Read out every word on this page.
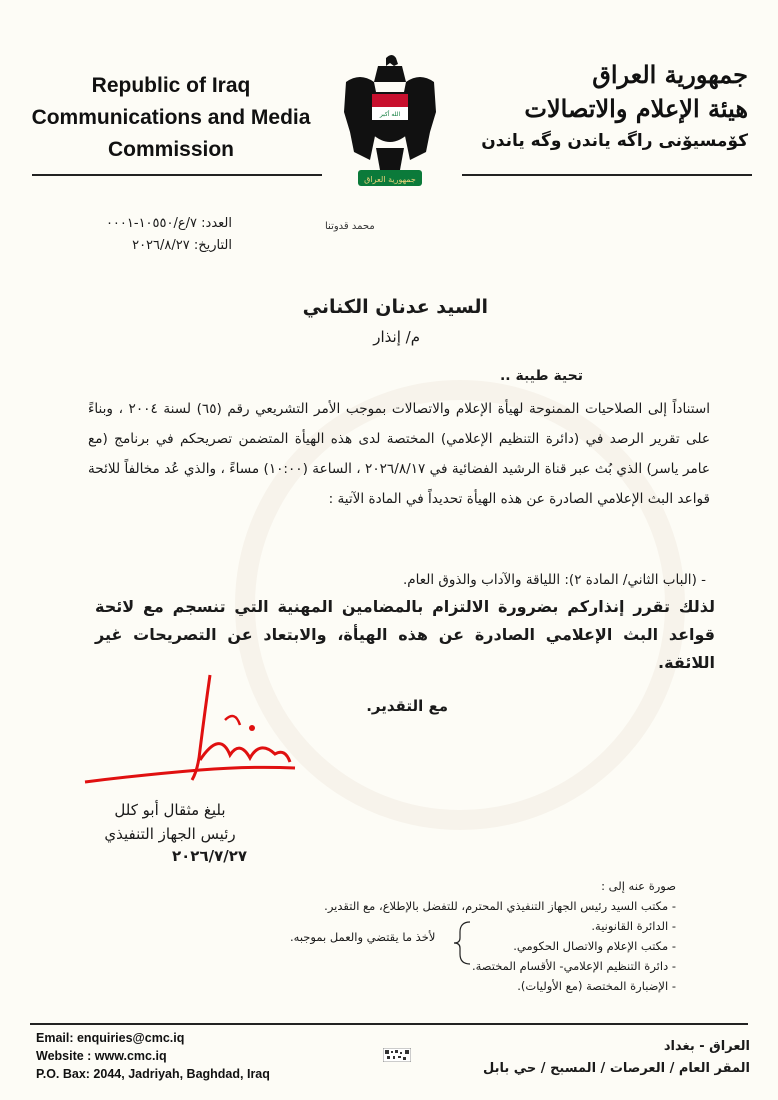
Republic of Iraq
Communications and Media
Commission
الله أكبر
جمهورية العراق
جمهورية العراق
هيئة الإعلام والاتصالات
كۆمسيۆنى راگه ياندن وگه ياندن
العدد: ٧/ع/١٠٥٥٠-٠٠٠١
التاريخ: ٢٠٢٦/٨/٢٧
محمد قدوتنا
السيد عدنان الكناني
م/ إنذار
تحية طيبة ..
استناداً إلى الصلاحيات الممنوحة لهيأة الإعلام والاتصالات بموجب الأمر التشريعي رقم (٦٥) لسنة ٢٠٠٤ ، وبناءً على تقرير الرصد في (دائرة التنظيم الإعلامي) المختصة لدى هذه الهيأة المتضمن تصريحكم في برنامج (مع عامر ياسر) الذي بُث عبر قناة الرشيد الفضائية في ٢٠٢٦/٨/١٧ ، الساعة (١٠:٠٠) مساءً ، والذي عُد مخالفاً للائحة قواعد البث الإعلامي الصادرة عن هذه الهيأة تحديداً في المادة الآتية :
- (الباب الثاني/ المادة ٢): اللياقة والآداب والذوق العام.
لذلك تقرر إنذاركم بضرورة الالتزام بالمضامين المهنية التي تنسجم مع لائحة قواعد البث الإعلامي الصادرة عن هذه الهيأة، والابتعاد عن التصريحات غير اللائقة.
مع التقدير.
بليغ مثقال أبو كلل
رئيس الجهاز التنفيذي
٢٠٢٦/٧/٢٧
صورة عنه إلى :
- مكتب السيد رئيس الجهاز التنفيذي المحترم، للتفضل بالإطلاع، مع التقدير.
- الدائرة القانونية.
- مكتب الإعلام والاتصال الحكومي.
- دائرة التنظيم الإعلامي- الأقسام المختصة.
- الإضبارة المختصة (مع الأوليات).
لأخذ ما يقتضي والعمل بموجبه.
Email: enquiries@cmc.iq
Website : www.cmc.iq
P.O. Bax: 2044, Jadriyah, Baghdad, Iraq
العراق - بغداد
المقر العام / العرصات / المسبح / حي بابل
